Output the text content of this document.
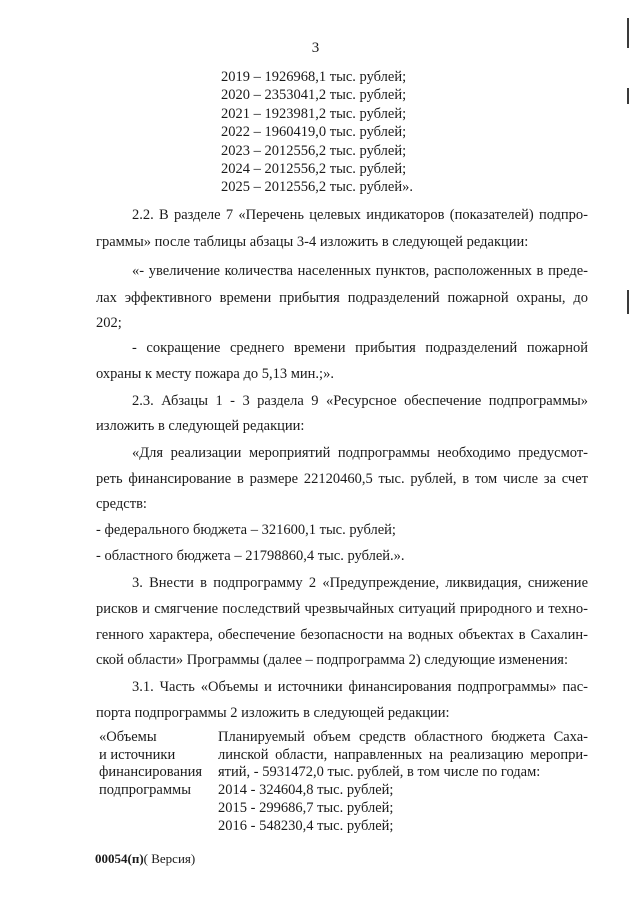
3
2019 – 1926968,1 тыс. рублей;
2020 – 2353041,2 тыс. рублей;
2021 – 1923981,2 тыс. рублей;
2022 – 1960419,0 тыс. рублей;
2023 – 2012556,2 тыс. рублей;
2024 – 2012556,2 тыс. рублей;
2025 – 2012556,2 тыс. рублей».
2.2. В разделе 7 «Перечень целевых индикаторов (показателей) подпро-
граммы» после таблицы абзацы 3-4 изложить в следующей редакции:
«- увеличение количества населенных пунктов, расположенных в преде-
лах эффективного времени прибытия подразделений пожарной охраны, до
202;
- сокращение среднего времени прибытия подразделений пожарной
охраны к месту пожара до 5,13 мин.;».
2.3. Абзацы 1 - 3 раздела 9 «Ресурсное обеспечение подпрограммы»
изложить в следующей редакции:
«Для реализации мероприятий подпрограммы необходимо предусмот-
реть финансирование в размере 22120460,5 тыс. рублей, в том числе за счет
средств:
- федерального бюджета – 321600,1 тыс. рублей;
- областного бюджета – 21798860,4 тыс. рублей.».
3. Внести в подпрограмму 2 «Предупреждение, ликвидация, снижение
рисков и смягчение последствий чрезвычайных ситуаций природного и техно-
генного характера, обеспечение безопасности на водных объектах в Сахалин-
ской области» Программы (далее – подпрограмма 2) следующие изменения:
3.1. Часть «Объемы и источники финансирования подпрограммы» пас-
порта подпрограммы 2 изложить в следующей редакции:
«Объемы
и источники
финансирования
подпрограммы
Планируемый объем средств областного бюджета Саха-
линской области, направленных на реализацию меропри-
ятий, - 5931472,0 тыс. рублей, в том числе по годам:
2014 - 324604,8 тыс. рублей;
2015 - 299686,7 тыс. рублей;
2016 - 548230,4 тыс. рублей;
00054(п)( Версия)
